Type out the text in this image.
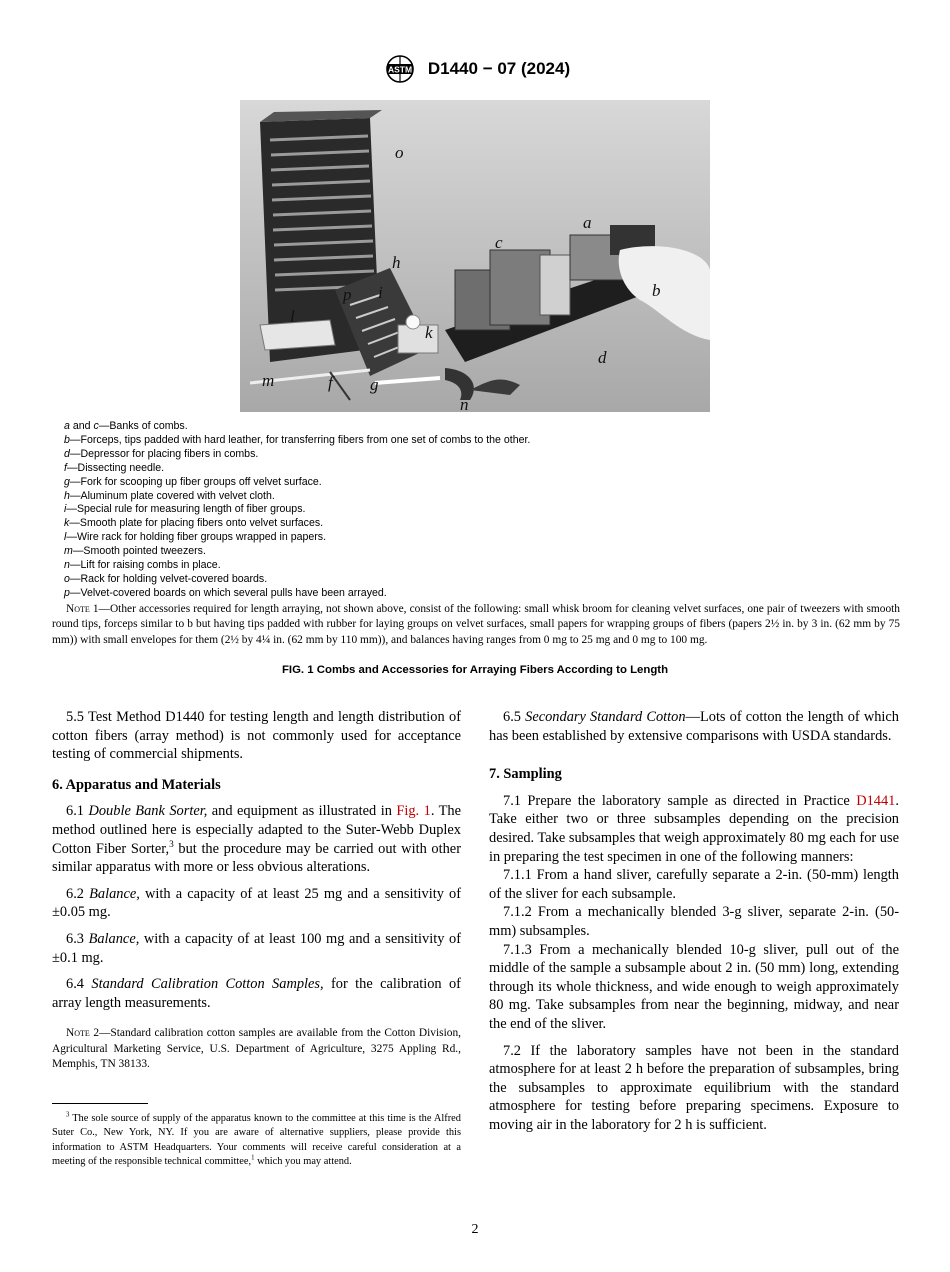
ASTM D1440 − 07 (2024)
o
a
c
h
i
p
k
l
b
d
m	f g
n
a and c—Banks of combs.
b—Forceps, tips padded with hard leather, for transferring fibers from one set of combs to the other.
d—Depressor for placing fibers in combs.
f—Dissecting needle.
g—Fork for scooping up fiber groups off velvet surface.
h—Aluminum plate covered with velvet cloth.
i—Special rule for measuring length of fiber groups.
k—Smooth plate for placing fibers onto velvet surfaces.
l—Wire rack for holding fiber groups wrapped in papers.
m—Smooth pointed tweezers.
n—Lift for raising combs in place.
o—Rack for holding velvet-covered boards.
p—Velvet-covered boards on which several pulls have been arrayed.
Note 1—Other accessories required for length arraying, not shown above, consist of the following: small whisk broom for cleaning velvet surfaces, one pair of tweezers with smooth round tips, forceps similar to b but having tips padded with rubber for laying groups on velvet surfaces, small papers for wrapping groups of fibers (papers 2½ in. by 3 in. (62 mm by 75 mm)) with small envelopes for them (2½ by 4¼ in. (62 mm by 110 mm)), and balances having ranges from 0 mg to 25 mg and 0 mg to 100 mg.
FIG. 1 Combs and Accessories for Arraying Fibers According to Length

5.5 Test Method D1440 for testing length and length distribution of cotton fibers (array method) is not commonly used for acceptance testing of commercial shipments.

6. Apparatus and Materials

6.1 Double Bank Sorter, and equipment as illustrated in Fig. 1. The method outlined here is especially adapted to the Suter-Webb Duplex Cotton Fiber Sorter,$^3$ but the procedure may be carried out with other similar apparatus with more or less obvious alterations.

6.2 Balance, with a capacity of at least 25 mg and a sensitivity of ±0.05 mg.

6.3 Balance, with a capacity of at least 100 mg and a sensitivity of ±0.1 mg.

6.4 Standard Calibration Cotton Samples, for the calibration of array length measurements.

Note 2—Standard calibration cotton samples are available from the Cotton Division, Agricultural Marketing Service, U.S. Department of Agriculture, 3275 Appling Rd., Memphis, TN 38133.

$^3$ The sole source of supply of the apparatus known to the committee at this time is the Alfred Suter Co., New York, NY. If you are aware of alternative suppliers, please provide this information to ASTM Headquarters. Your comments will receive careful consideration at a meeting of the responsible technical committee,$^1$ which you may attend.

6.5 Secondary Standard Cotton—Lots of cotton the length of which has been established by extensive comparisons with USDA standards.

7. Sampling

7.1 Prepare the laboratory sample as directed in Practice D1441. Take either two or three subsamples depending on the precision desired. Take subsamples that weigh approximately 80 mg each for use in preparing the test specimen in one of the following manners:

7.1.1 From a hand sliver, carefully separate a 2-in. (50-mm) length of the sliver for each subsample.

7.1.2 From a mechanically blended 3-g sliver, separate 2-in. (50-mm) subsamples.

7.1.3 From a mechanically blended 10-g sliver, pull out of the middle of the sample a subsample about 2 in. (50 mm) long, extending through its whole thickness, and wide enough to weigh approximately 80 mg. Take subsamples from near the beginning, midway, and near the end of the sliver.

7.2 If the laboratory samples have not been in the standard atmosphere for at least 2 h before the preparation of subsamples, bring the subsamples to approximate equilibrium with the standard atmosphere for testing before preparing specimens. Exposure to moving air in the laboratory for 2 h is sufficient.

2
